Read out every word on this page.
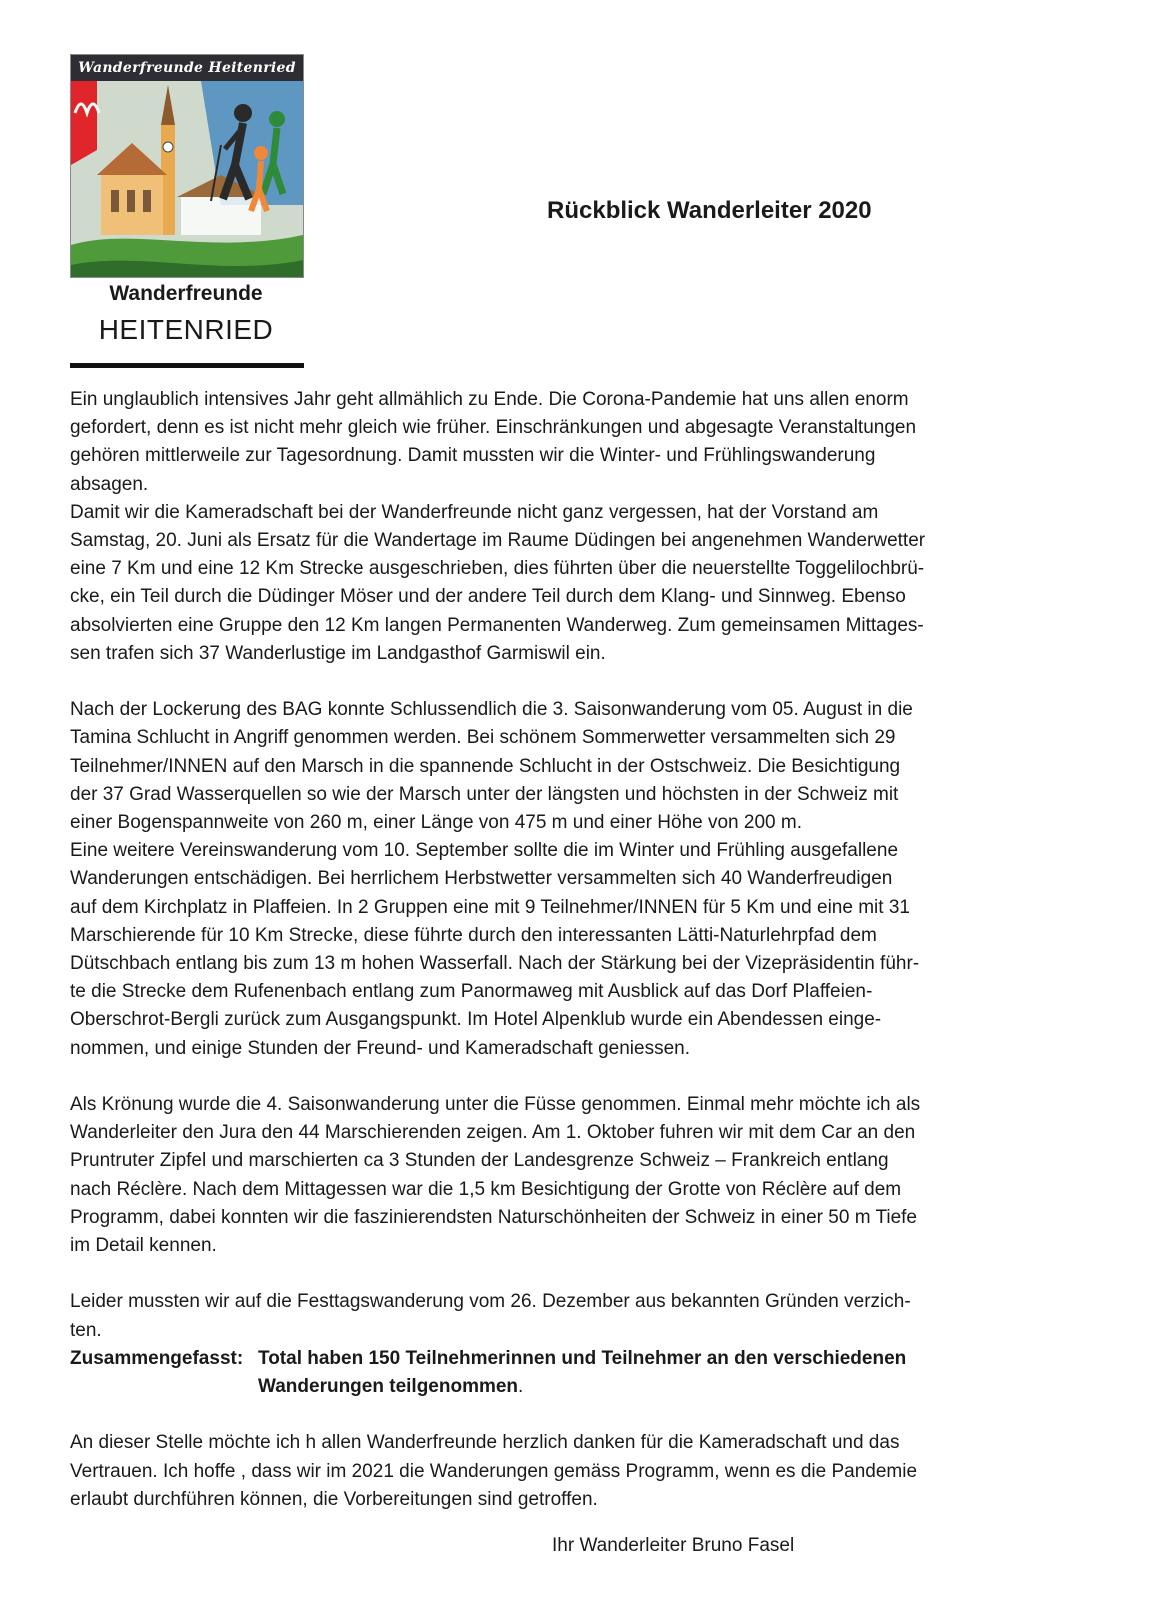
Wanderfreunde Heitenried
Wanderfreunde
HEITENRIED
Rückblick Wanderleiter 2020
Ein unglaublich intensives Jahr geht allmählich zu Ende. Die Corona-Pandemie hat uns allen enorm
gefordert, denn es ist nicht mehr gleich wie früher. Einschränkungen und abgesagte Veranstaltungen
gehören mittlerweile zur Tagesordnung. Damit mussten wir die Winter- und Frühlingswanderung
absagen.
Damit wir die Kameradschaft bei der Wanderfreunde nicht ganz vergessen, hat der Vorstand am
Samstag, 20. Juni als Ersatz für die Wandertage im Raume Düdingen bei angenehmen Wanderwetter
eine 7 Km und eine 12 Km Strecke ausgeschrieben, dies führten über die neuerstellte Toggelilochbrü-
cke, ein Teil durch die Düdinger Möser und der andere Teil durch dem Klang- und Sinnweg. Ebenso
absolvierten eine Gruppe den 12 Km langen Permanenten Wanderweg. Zum gemeinsamen Mittages-
sen trafen sich 37 Wanderlustige im Landgasthof Garmiswil ein.
Nach der Lockerung des BAG konnte Schlussendlich die 3. Saisonwanderung vom 05. August in die
Tamina Schlucht in Angriff genommen werden. Bei schönem Sommerwetter versammelten sich 29
Teilnehmer/INNEN auf den Marsch in die spannende Schlucht in der Ostschweiz. Die Besichtigung
der 37 Grad Wasserquellen so wie der Marsch unter der längsten und höchsten in der Schweiz mit
einer Bogenspannweite von 260 m, einer Länge von 475 m und einer Höhe von 200 m.
Eine weitere Vereinswanderung vom 10. September sollte die im Winter und Frühling ausgefallene
Wanderungen entschädigen. Bei herrlichem Herbstwetter versammelten sich 40 Wanderfreudigen
auf dem Kirchplatz in Plaffeien. In 2 Gruppen eine mit 9 Teilnehmer/INNEN für 5 Km und eine mit 31
Marschierende für 10 Km Strecke, diese führte durch den interessanten Lätti-Naturlehrpfad dem
Dütschbach entlang bis zum 13 m hohen Wasserfall. Nach der Stärkung bei der Vizepräsidentin führ-
te die Strecke dem Rufenenbach entlang zum Panormaweg mit Ausblick auf das Dorf Plaffeien-
Oberschrot-Bergli zurück zum Ausgangspunkt. Im Hotel Alpenklub wurde ein Abendessen einge-
nommen, und einige Stunden der Freund- und Kameradschaft geniessen.
Als Krönung wurde die 4. Saisonwanderung unter die Füsse genommen. Einmal mehr möchte ich als
Wanderleiter den Jura den 44 Marschierenden zeigen. Am 1. Oktober fuhren wir mit dem Car an den
Pruntruter Zipfel und marschierten ca 3 Stunden der Landesgrenze Schweiz – Frankreich entlang
nach Réclère. Nach dem Mittagessen war die 1,5 km Besichtigung der Grotte von Réclère auf dem
Programm, dabei konnten wir die faszinierendsten Naturschönheiten der Schweiz in einer 50 m Tiefe
im Detail kennen.
Leider mussten wir auf die Festtagswanderung vom 26. Dezember aus bekannten Gründen verzich-
ten.
Zusammengefasst: Total haben 150 Teilnehmerinnen und Teilnehmer an den verschiedenen
Wanderungen teilgenommen.
An dieser Stelle möchte ich h allen Wanderfreunde herzlich danken für die Kameradschaft und das
Vertrauen. Ich hoffe , dass wir im 2021 die Wanderungen gemäss Programm, wenn es die Pandemie
erlaubt durchführen können, die Vorbereitungen sind getroffen.
Ihr Wanderleiter Bruno Fasel
